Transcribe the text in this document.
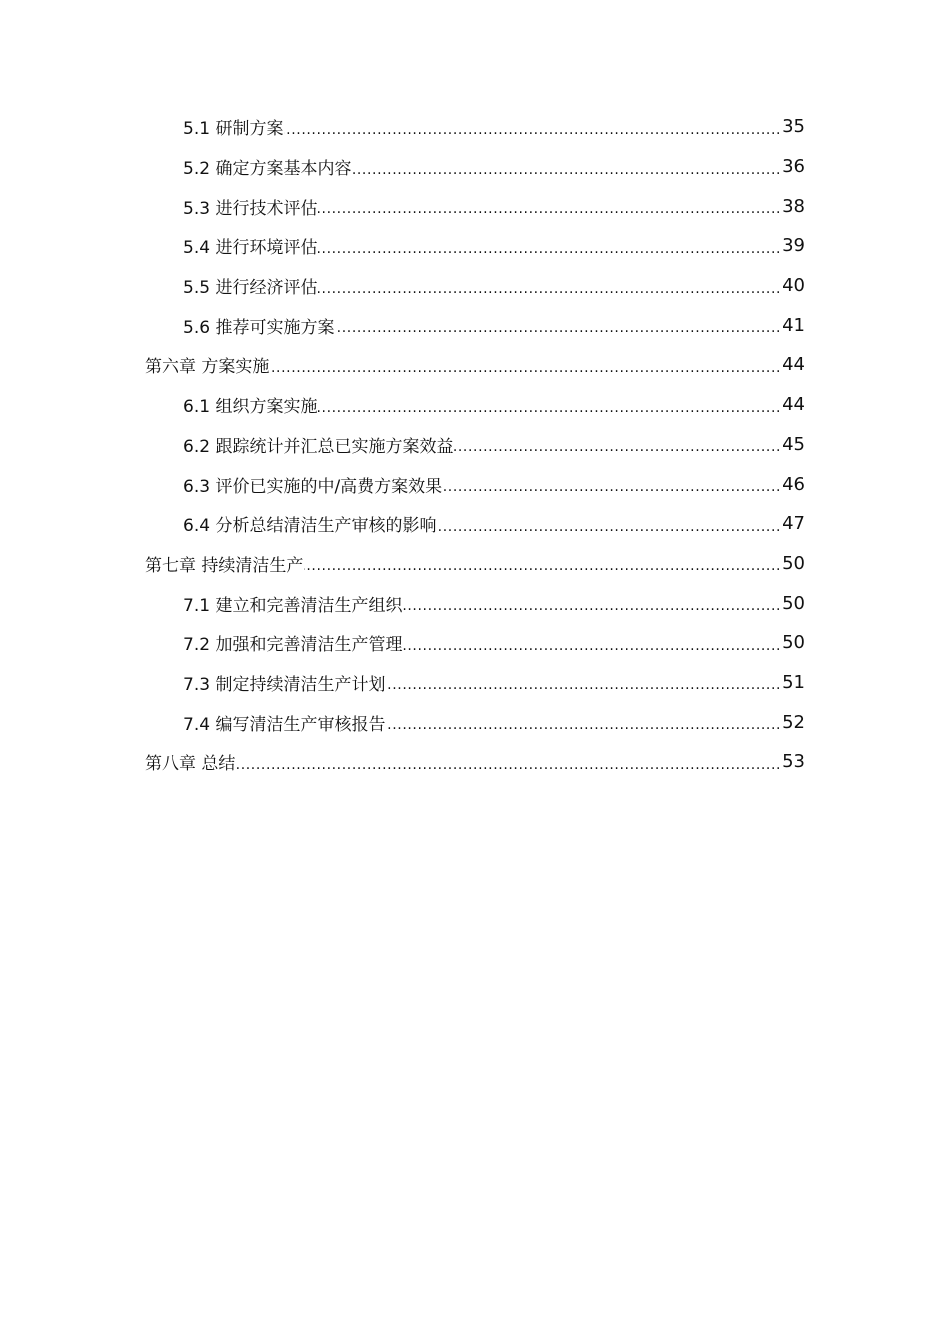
5.1 研制方案 .....	35
5.2 确定方案基本内容 .....	36
5.3 进行技术评估 .....	38
5.4 进行环境评估 .....	39
5.5 进行经济评估 .....	40
5.6 推荐可实施方案 .....	41
第六章 方案实施 .....	44
6.1 组织方案实施 .....	44
6.2 跟踪统计并汇总已实施方案效益 .....	45
6.3 评价已实施的中/高费方案效果 .....	46
6.4 分析总结清洁生产审核的影响 .....	47
第七章 持续清洁生产 .....	50
7.1 建立和完善清洁生产组织 .....	50
7.2 加强和完善清洁生产管理 .....	50
7.3 制定持续清洁生产计划 .....	51
7.4 编写清洁生产审核报告 .....	52
第八章 总结 .....	53
